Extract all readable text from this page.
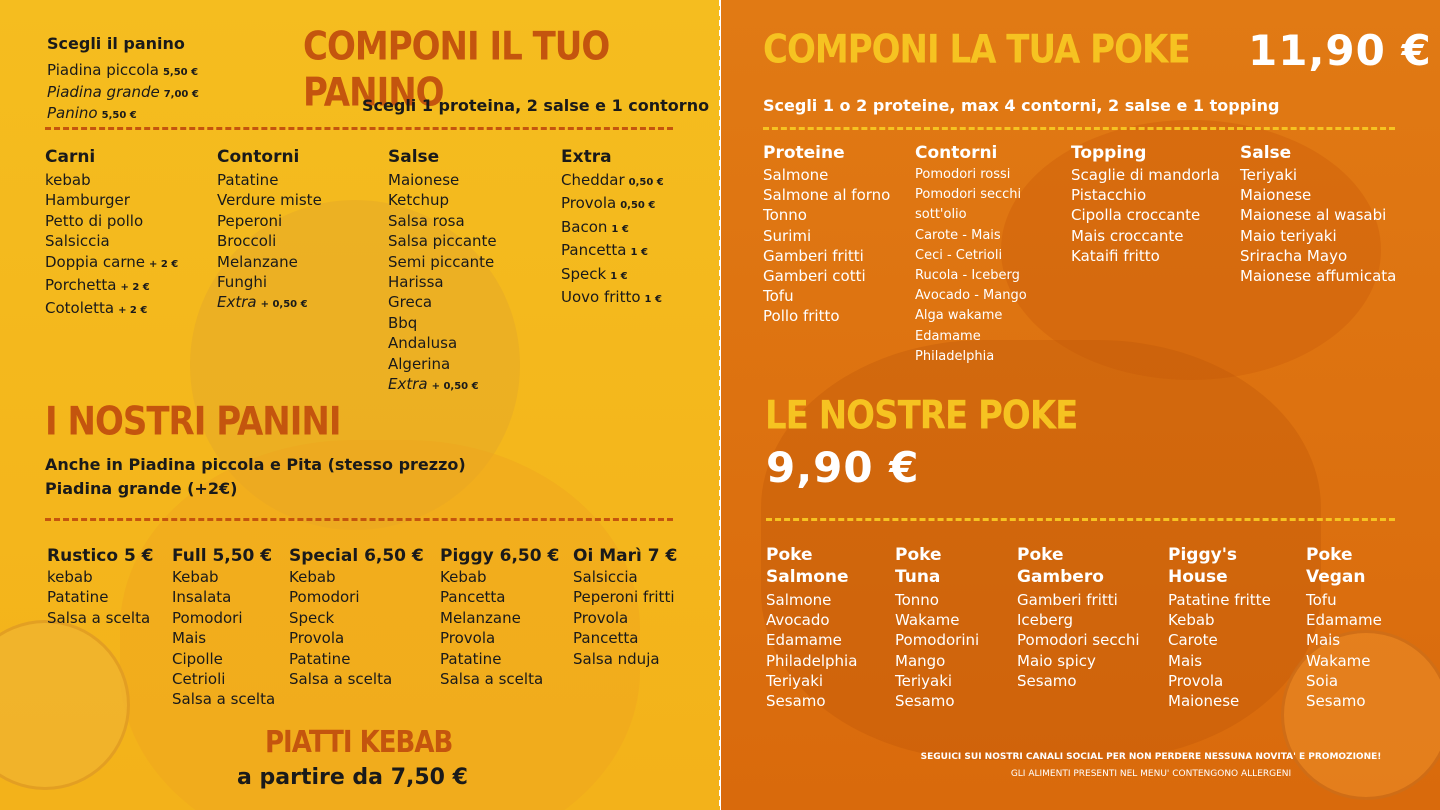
Scegli il panino
Piadina piccola 5,50 €
Piadina grande 7,00 €
Panino 5,50 €
COMPONI IL TUO PANINO
Scegli 1 proteina, 2 salse e 1 contorno
Carni
kebab
Hamburger
Petto di pollo
Salsiccia
Doppia carne + 2 €
Porchetta + 2 €
Cotoletta + 2 €
Contorni
Patatine
Verdure miste
Peperoni
Broccoli
Melanzane
Funghi
Extra + 0,50 €
Salse
Maionese
Ketchup
Salsa rosa
Salsa piccante
Semi piccante
Harissa
Greca
Bbq
Andalusa
Algerina
Extra + 0,50 €
Extra
Cheddar 0,50 €
Provola 0,50 €
Bacon 1 €
Pancetta 1 €
Speck 1 €
Uovo fritto 1 €
I NOSTRI PANINI
Anche in Piadina piccola e Pita (stesso prezzo)
Piadina grande (+2€)
Rustico 5 €
kebab
Patatine
Salsa a scelta
Full 5,50 €
Kebab
Insalata
Pomodori
Mais
Cipolle
Cetrioli
Salsa a scelta
Special 6,50 €
Kebab
Pomodori
Speck
Provola
Patatine
Salsa a scelta
Piggy 6,50 €
Kebab
Pancetta
Melanzane
Provola
Patatine
Salsa a scelta
Oi Marì 7 €
Salsiccia
Peperoni fritti
Provola
Pancetta
Salsa nduja
PIATTI KEBAB
a partire da 7,50 €
COMPONI LA TUA POKE 11,90 €
Scegli 1 o 2 proteine, max 4 contorni, 2 salse e 1 topping
Proteine
Salmone
Salmone al forno
Tonno
Surimi
Gamberi fritti
Gamberi cotti
Tofu
Pollo fritto
Contorni
Pomodori rossi
Pomodori secchi
sott'olio
Carote - Mais
Ceci - Cetrioli
Rucola - Iceberg
Avocado - Mango
Alga wakame
Edamame
Philadelphia
Topping
Scaglie di mandorla
Pistacchio
Cipolla croccante
Mais croccante
Kataifi fritto
Salse
Teriyaki
Maionese
Maionese al wasabi
Maio teriyaki
Sriracha Mayo
Maionese affumicata
LE NOSTRE POKE
9,90 €
Poke
Salmone
Salmone
Avocado
Edamame
Philadelphia
Teriyaki
Sesamo
Poke
Tuna
Tonno
Wakame
Pomodorini
Mango
Teriyaki
Sesamo
Poke
Gambero
Gamberi fritti
Iceberg
Pomodori secchi
Maio spicy
Sesamo
Piggy's
House
Patatine fritte
Kebab
Carote
Mais
Provola
Maionese
Poke
Vegan
Tofu
Edamame
Mais
Wakame
Soia
Sesamo
SEGUICI SUI NOSTRI CANALI SOCIAL PER NON PERDERE NESSUNA NOVITA' E PROMOZIONE!
GLI ALIMENTI PRESENTI NEL MENU' CONTENGONO ALLERGENI
